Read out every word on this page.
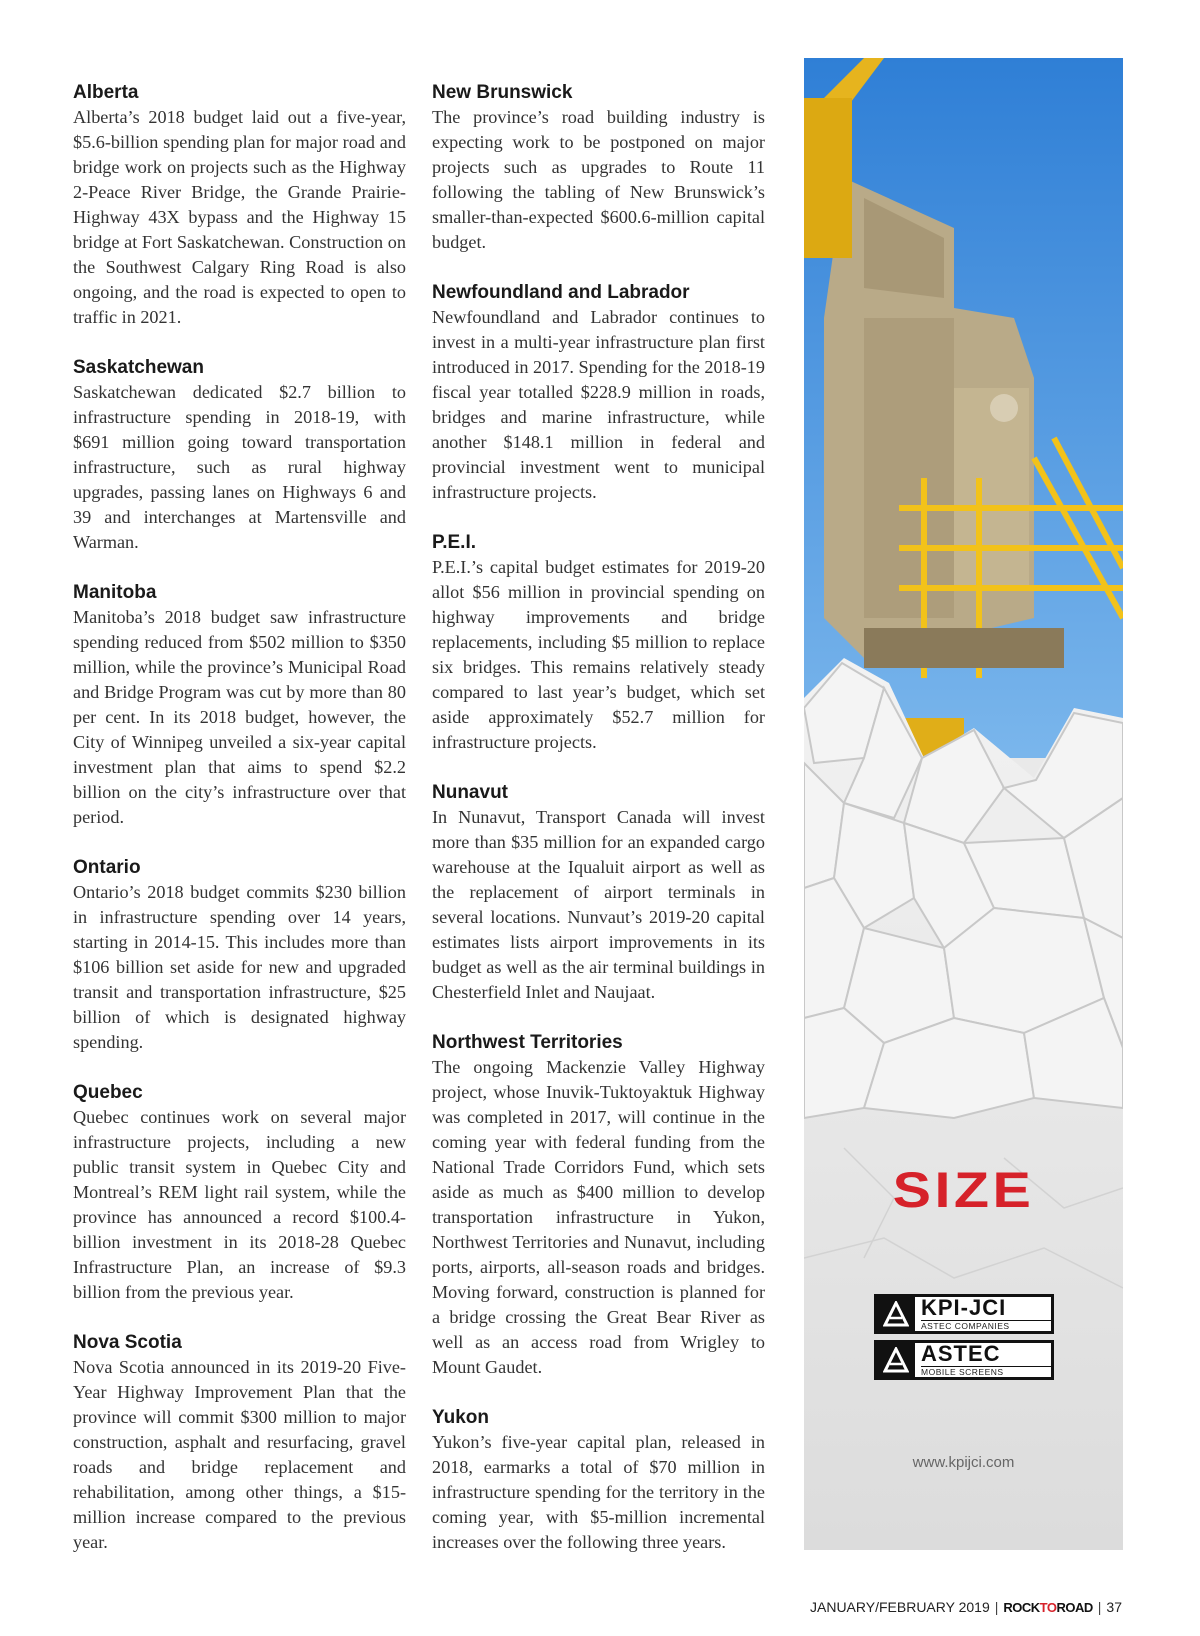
Alberta

Alberta’s 2018 budget laid out a five-year, $5.6-billion spending plan for major road and bridge work on projects such as the Highway 2-Peace River Bridge, the Grande Prairie-Highway 43X bypass and the Highway 15 bridge at Fort Saskatchewan. Construction on the Southwest Calgary Ring Road is also ongoing, and the road is expected to open to traffic in 2021.

Saskatchewan

Saskatchewan dedicated $2.7 billion to infrastructure spending in 2018-19, with $691 million going toward transportation infrastructure, such as rural highway upgrades, passing lanes on Highways 6 and 39 and interchanges at Martensville and Warman.

Manitoba

Manitoba’s 2018 budget saw infrastructure spending reduced from $502 million to $350 million, while the province’s Municipal Road and Bridge Program was cut by more than 80 per cent. In its 2018 budget, however, the City of Winnipeg unveiled a six-year capital investment plan that aims to spend $2.2 billion on the city’s infrastructure over that period.

Ontario

Ontario’s 2018 budget commits $230 billion in infrastructure spending over 14 years, starting in 2014-15. This includes more than $106 billion set aside for new and upgraded transit and transportation infrastructure, $25 billion of which is designated highway spending.

Quebec

Quebec continues work on several major infrastructure projects, including a new public transit system in Quebec City and Montreal’s REM light rail system, while the province has announced a record $100.4-billion investment in its 2018-28 Quebec Infrastructure Plan, an increase of $9.3 billion from the previous year.

Nova Scotia

Nova Scotia announced in its 2019-20 Five-Year Highway Improvement Plan that the province will commit $300 million to major construction, asphalt and resurfacing, gravel roads and bridge replacement and rehabilitation, among other things, a $15-million increase compared to the previous year.

New Brunswick

The province’s road building industry is expecting work to be postponed on major projects such as upgrades to Route 11 following the tabling of New Brunswick’s smaller-than-expected $600.6-million capital budget.

Newfoundland and Labrador

Newfoundland and Labrador continues to invest in a multi-year infrastructure plan first introduced in 2017. Spending for the 2018-19 fiscal year totalled $228.9 million in roads, bridges and marine infrastructure, while another $148.1 million in federal and provincial investment went to municipal infrastructure projects.

P.E.I.

P.E.I.’s capital budget estimates for 2019-20 allot $56 million in provincial spending on highway improvements and bridge replacements, including $5 million to replace six bridges. This remains relatively steady compared to last year’s budget, which set aside approximately $52.7 million for infrastructure projects.

Nunavut

In Nunavut, Transport Canada will invest more than $35 million for an expanded cargo warehouse at the Iqualuit airport as well as the replacement of airport terminals in several locations. Nunvaut’s 2019-20 capital estimates lists airport improvements in its budget as well as the air terminal buildings in Chesterfield Inlet and Naujaat.

Northwest Territories

The ongoing Mackenzie Valley Highway project, whose Inuvik-Tuktoyaktuk Highway was completed in 2017, will continue in the coming year with federal funding from the National Trade Corridors Fund, which sets aside as much as $400 million to develop transportation infrastructure in Yukon, Northwest Territories and Nunavut, including ports, airports, all-season roads and bridges. Moving forward, construction is planned for a bridge crossing the Great Bear River as well as an access road from Wrigley to Mount Gaudet.

Yukon

Yukon’s five-year capital plan, released in 2018, earmarks a total of $70 million in infrastructure spending for the territory in the coming year, with $5-million incremental increases over the following three years.

SIZE
KPI-JCI
ASTEC COMPANIES
ASTEC
MOBILE SCREENS
www.kpijci.com
JANUARY/FEBRUARY 2019 | ROCKTOROAD | 37
